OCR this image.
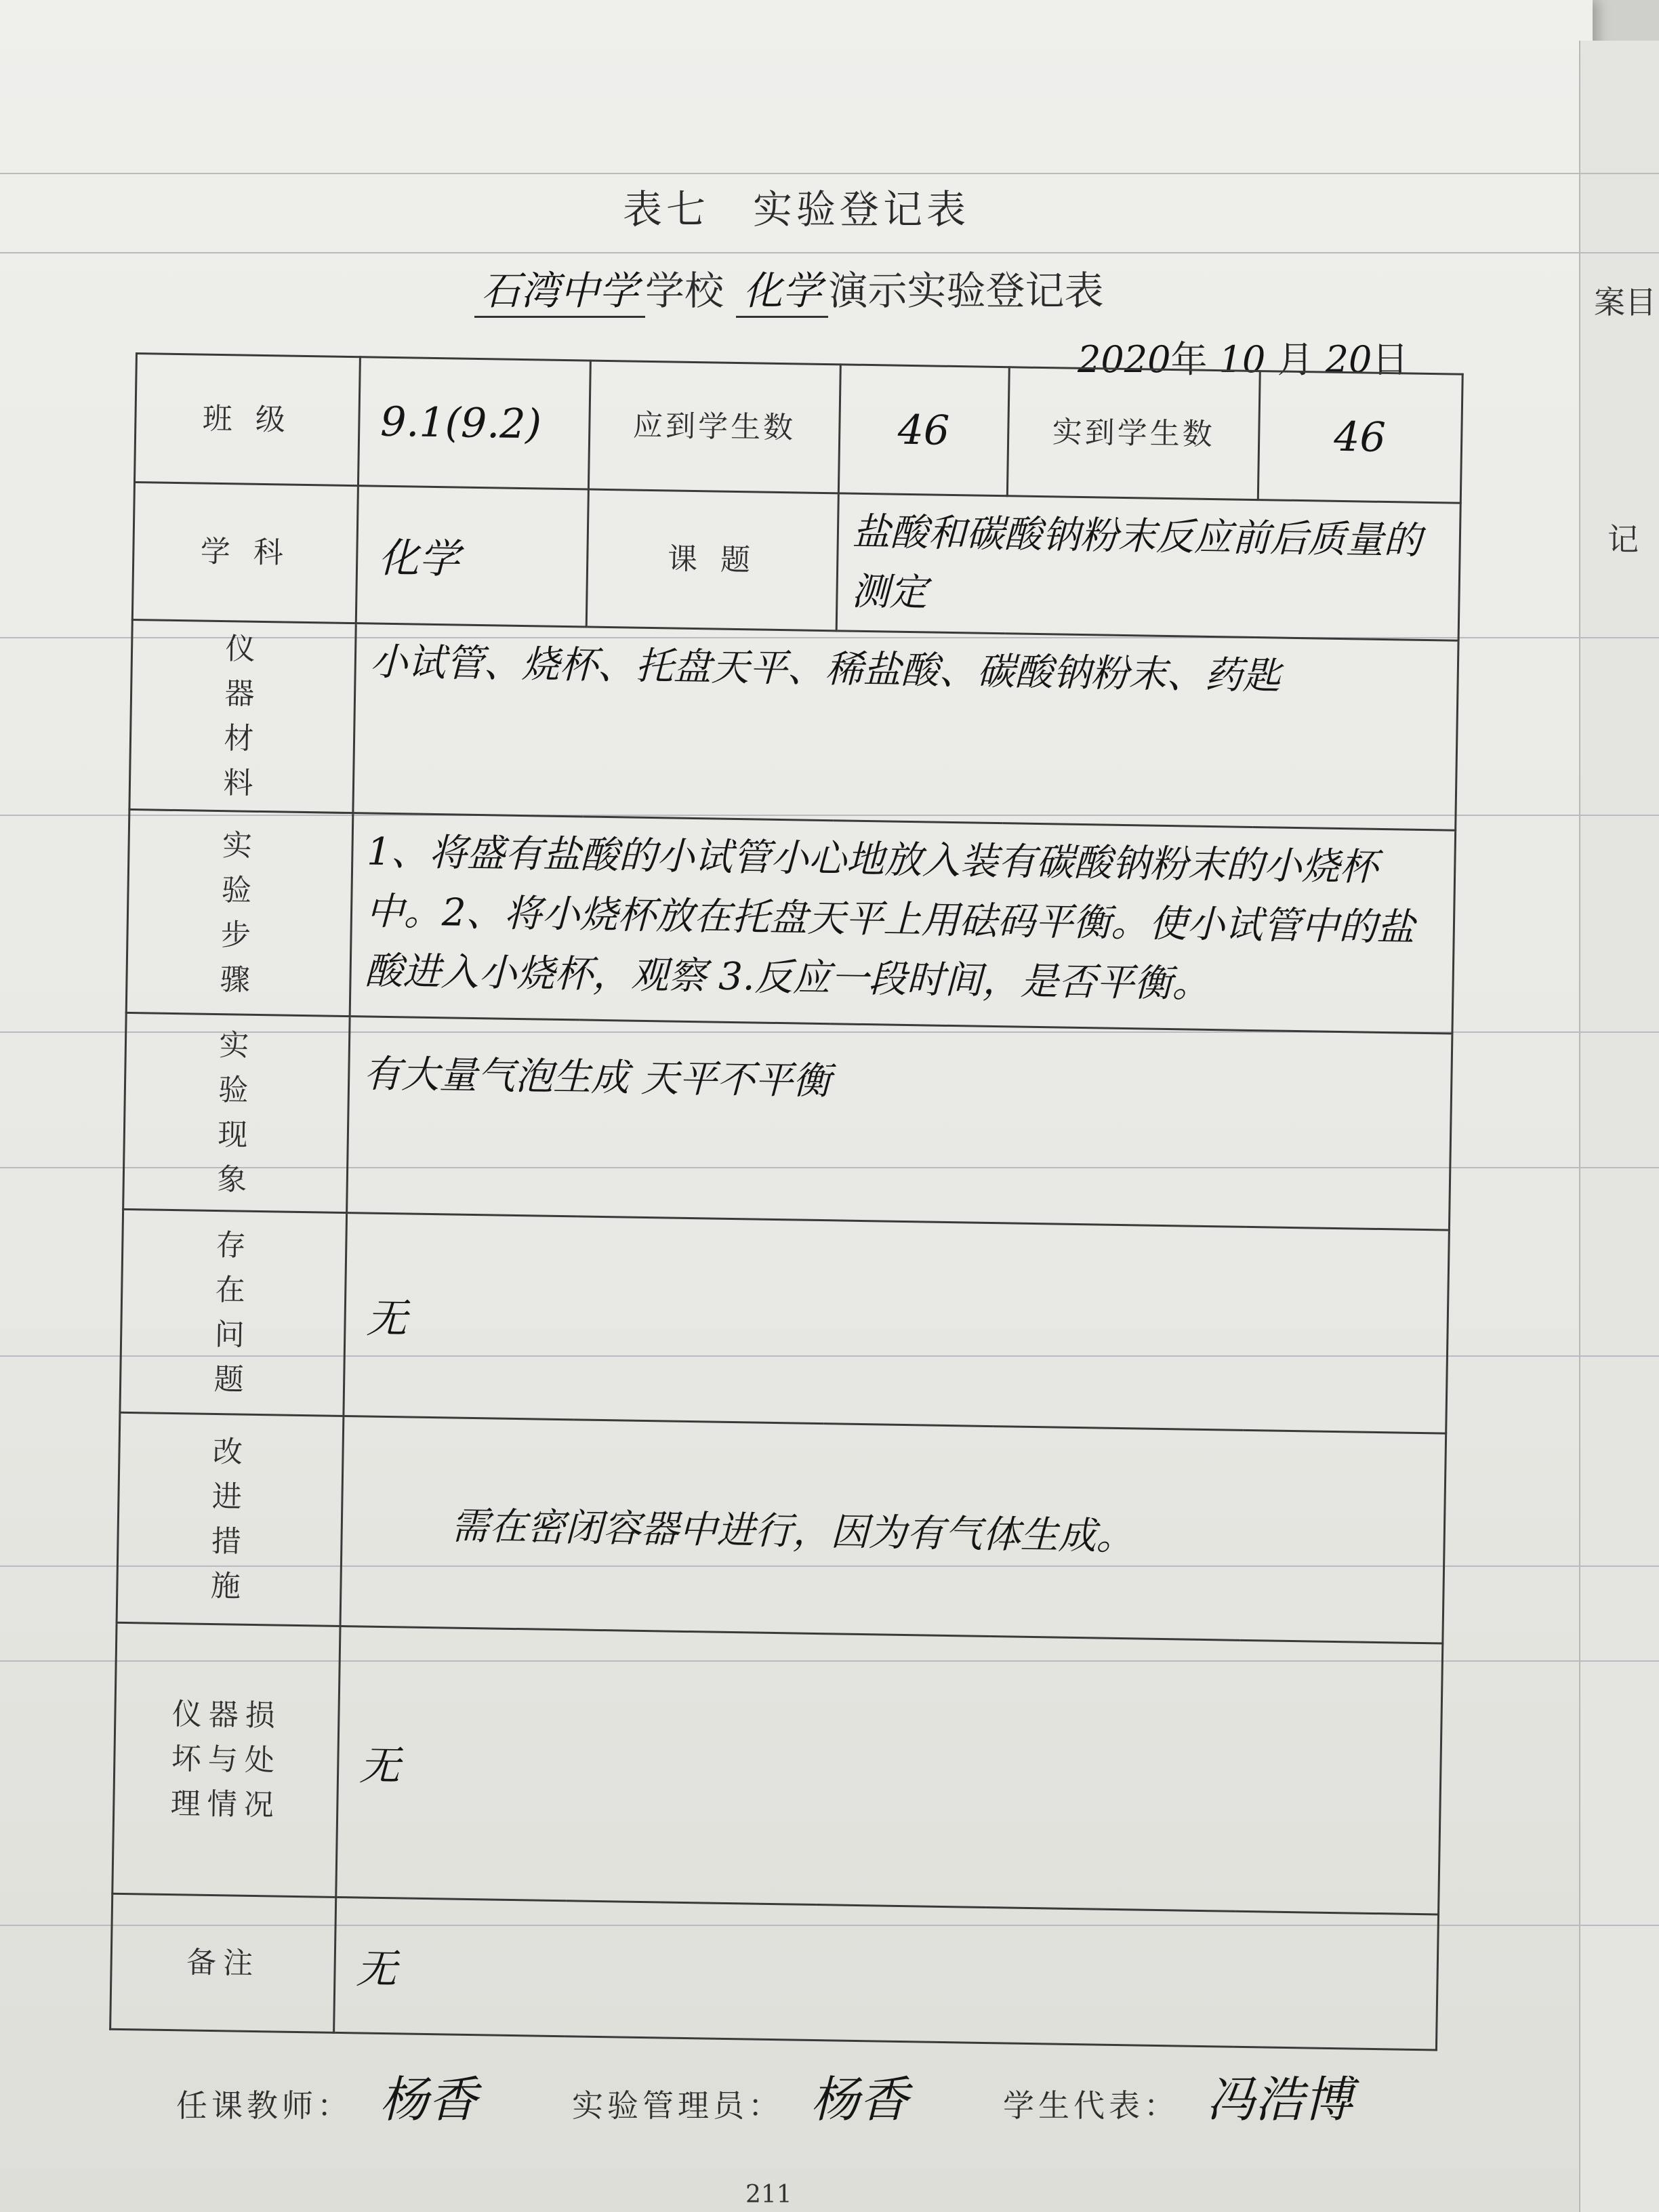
案目
记
表七　实验登记表
石湾中学 学校 化学 演示实验登记表
2020年 10 月 20日
班 级	9.1(9.2)	应到学生数	46	实到学生数	46
学 科	化学	课 题	盐酸和碳酸钠粉末反应前后质量的测定		
仪器材料	小试管、烧杯、托盘天平、稀盐酸、碳酸钠粉末、药匙				
实验步骤	1、将盛有盐酸的小试管小心地放入装有碳酸钠粉末的小烧杯中。2、将小烧杯放在托盘天平上用砝码平衡。使小试管中的盐酸进入小烧杯，观察 3.反应一段时间，是否平衡。				
实验现象	有大量气泡生成 天平不平衡				
存在问题	无				
改进措施	需在密闭容器中进行，因为有气体生成。				
仪器损坏与处理情况	无				
备注	无				
任课教师： 杨香	实验管理员： 杨香	学生代表： 冯浩博
211
